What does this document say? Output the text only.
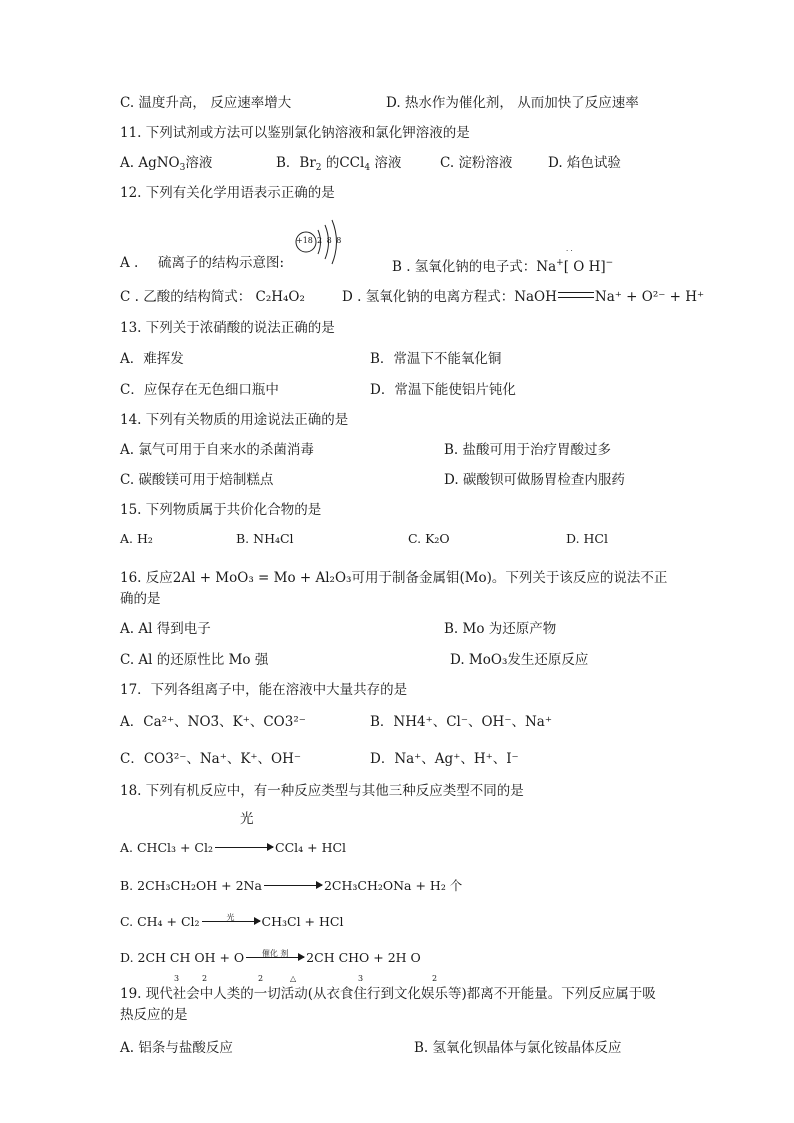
C. 温度升高， 反应速率增大	D. 热水作为催化剂， 从而加快了反应速率
11. 下列试剂或方法可以鉴别氯化钠溶液和氯化钾溶液的是
A. AgNO$_3$溶液	B．$Br_2$ 的CCl$_4$ 溶液	C. 淀粉溶液	D. 焰色试验
12. 下列有关化学用语表示正确的是
A . 硫离子的结构示意图:
+18 2 8 8
B . 氢氧化钠的电子式：Na+[ O H]−
· ·
C . 乙酸的结构简式： C₂H₄O₂	D . 氢氧化钠的电离方程式：NaOH	Na⁺ + O²⁻ + H⁺
13. 下列关于浓硝酸的说法正确的是
A．难挥发	B．常温下不能氧化铜
C．应保存在无色细口瓶中	D．常温下能使铝片钝化
14. 下列有关物质的用途说法正确的是
A. 氯气可用于自来水的杀菌消毒	B. 盐酸可用于治疗胃酸过多
C. 碳酸镁可用于焙制糕点	D. 碳酸钡可做肠胃检查内服药
15. 下列物质属于共价化合物的是
A. H₂	B. NH₄Cl	C. K₂O	D. HCl
16. 反应2Al + MoO₃ = Mo + Al₂O₃可用于制备金属钼(Mo)。下列关于该反应的说法不正
确的是
A. Al 得到电子	B. Mo 为还原产物
C. Al 的还原性比 Mo 强	D. MoO₃发生还原反应
17．下列各组离子中，能在溶液中大量共存的是
A．Ca²⁺、NO3̄、K⁺、CO3²⁻	B．NH4⁺、Cl⁻、OH⁻、Na⁺
C．CO3²⁻、Na⁺、K⁺、OH⁻	D．Na⁺、Ag⁺、H⁺、I⁻
18. 下列有机反应中，有一种反应类型与其他三种反应类型不同的是
光
A. CHCl₃ + Cl₂	CCl₄ + HCl
B. 2CH₃CH₂OH + 2Na	2CH₃CH₂ONa + H₂ 个
C. CH₄ + Cl₂	光	CH₃Cl + HCl
D. 2CH CH OH + O	催化 剂	2CH CHO + 2H O
3	2	2	△	3	2
19. 现代社会中人类的一切活动(从衣食住行到文化娱乐等)都离不开能量。下列反应属于吸
热反应的是
A. 铝条与盐酸反应	B. 氢氧化钡晶体与氯化铵晶体反应
